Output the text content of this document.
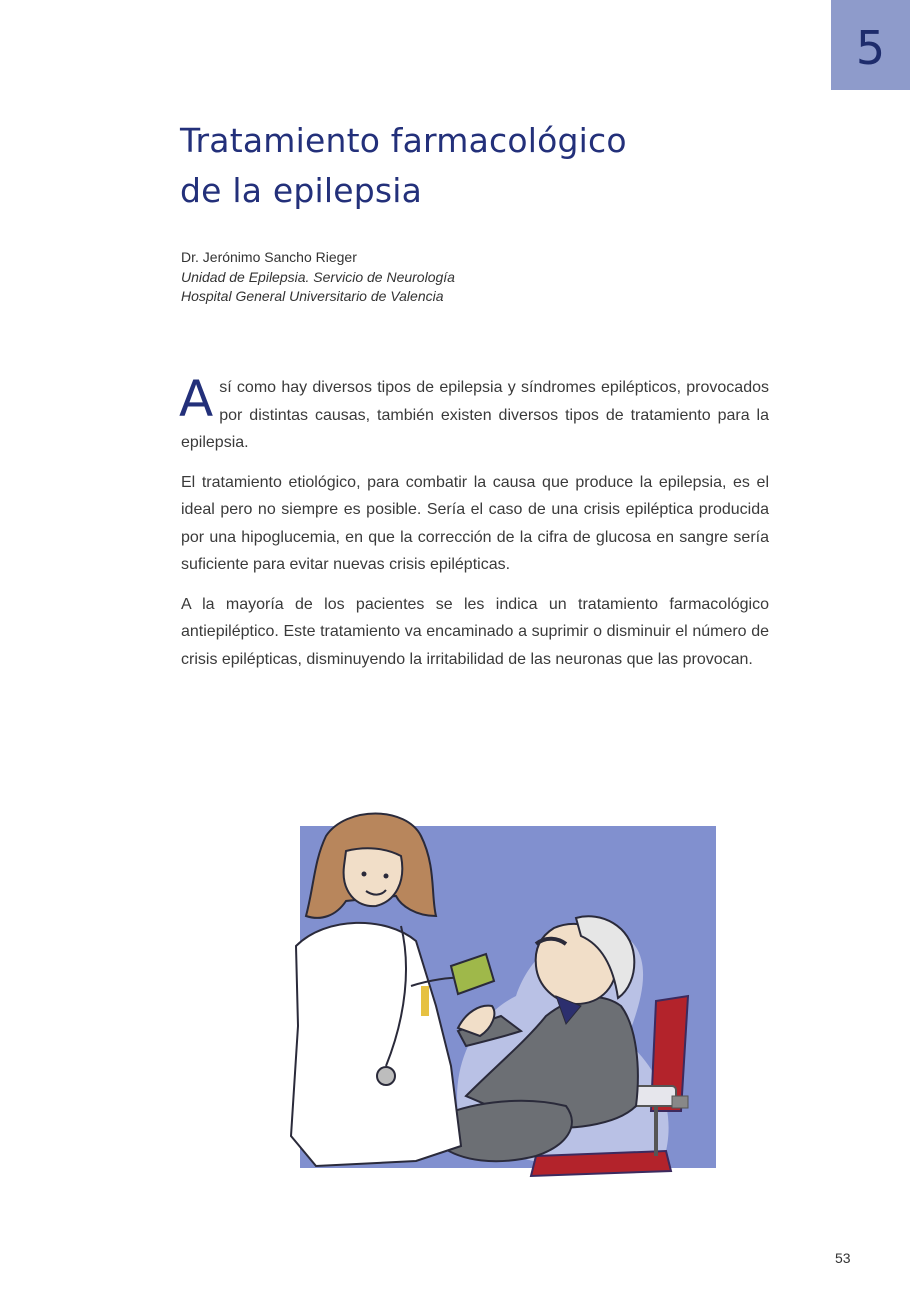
5
Tratamiento farmacológico
de la epilepsia
Dr. Jerónimo Sancho Rieger
Unidad de Epilepsia. Servicio de Neurología
Hospital General Universitario de Valencia

A sí como hay diversos tipos de epilepsia y síndromes epilépticos, provocados por distintas causas, también existen diversos tipos de tratamiento para la epilepsia.

El tratamiento etiológico, para combatir la causa que produce la epilepsia, es el ideal pero no siempre es posible. Sería el caso de una crisis epiléptica producida por una hipoglucemia, en que la corrección de la cifra de glucosa en sangre sería suficiente para evitar nuevas crisis epilépticas.

A la mayoría de los pacientes se les indica un tratamiento farmacológico antiepiléptico. Este tratamiento va encaminado a suprimir o disminuir el número de crisis epilépticas, disminuyendo la irritabilidad de las neuronas que las provocan.

53
